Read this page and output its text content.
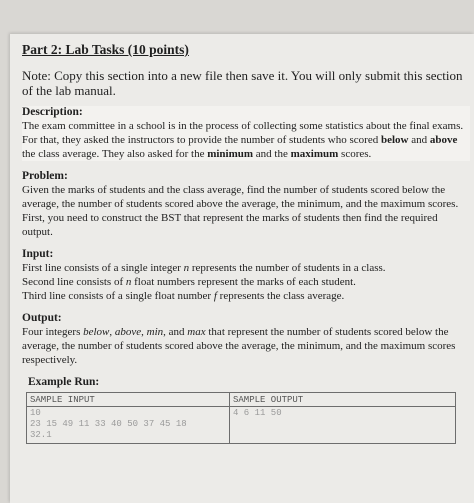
Part 2: Lab Tasks (10 points)
Note: Copy this section into a new file then save it. You will only submit this section of the lab manual.
Description:
The exam committee in a school is in the process of collecting some statistics about the final exams. For that, they asked the instructors to provide the number of students who scored below and above the class average. They also asked for the minimum and the maximum scores.
Problem:
Given the marks of students and the class average, find the number of students scored below the average, the number of students scored above the average, the minimum, and the maximum scores. First, you need to construct the BST that represent the marks of students then find the required output.
Input:
First line consists of a single integer n represents the number of students in a class.
Second line consists of n float numbers represent the marks of each student.
Third line consists of a single float number f represents the class average.
Output:
Four integers below, above, min, and max that represent the number of students scored below the average, the number of students scored above the average, the minimum, and the maximum scores respectively.
Example Run:
SAMPLE INPUT	SAMPLE OUTPUT

10
23 15 49 11 33 40 50 37 45 18
32.1	4 6 11 50
